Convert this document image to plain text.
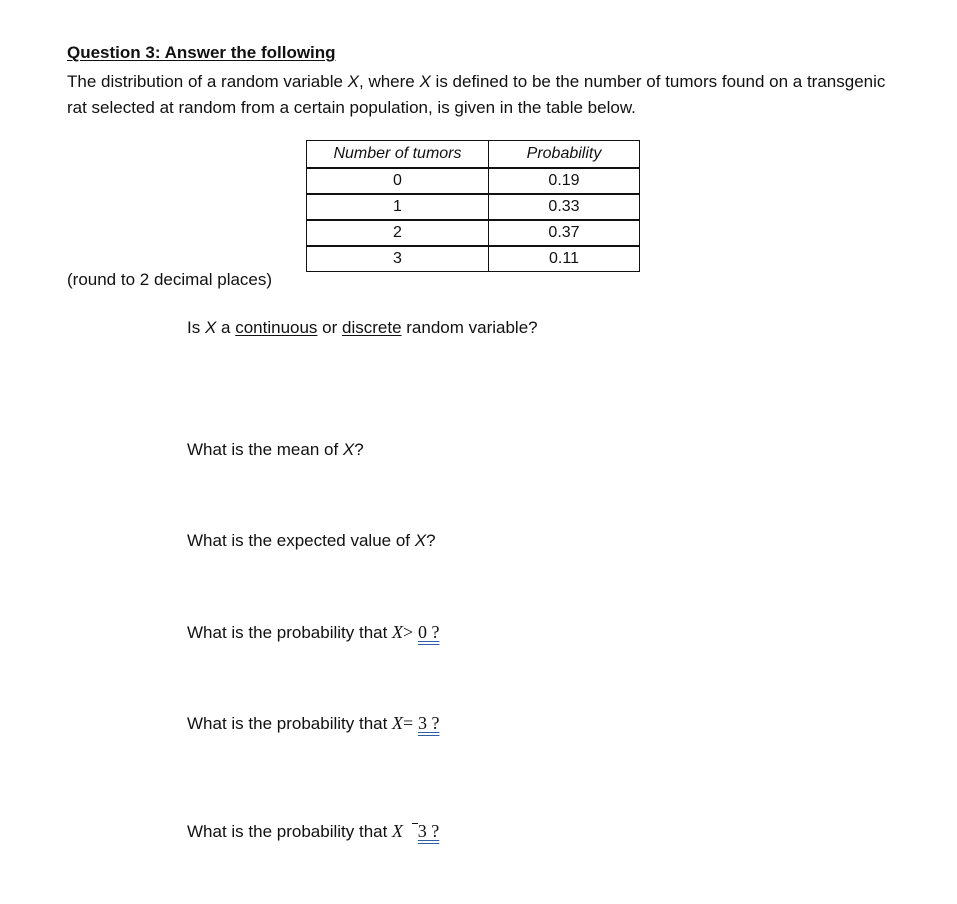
Question 3: Answer the following
The distribution of a random variable X, where X is defined to be the number of tumors found on a transgenic rat selected at random from a certain population, is given in the table below.
Number of tumors	Probability
0	0.19
1	0.33
2	0.37
3	0.11
(round to 2 decimal places)
Is X a continuous or discrete random variable?
What is the mean of X?
What is the expected value of X?
What is the probability that X> 0 ?
What is the probability that X= 3 ?
What is the probability that X 3 ?
